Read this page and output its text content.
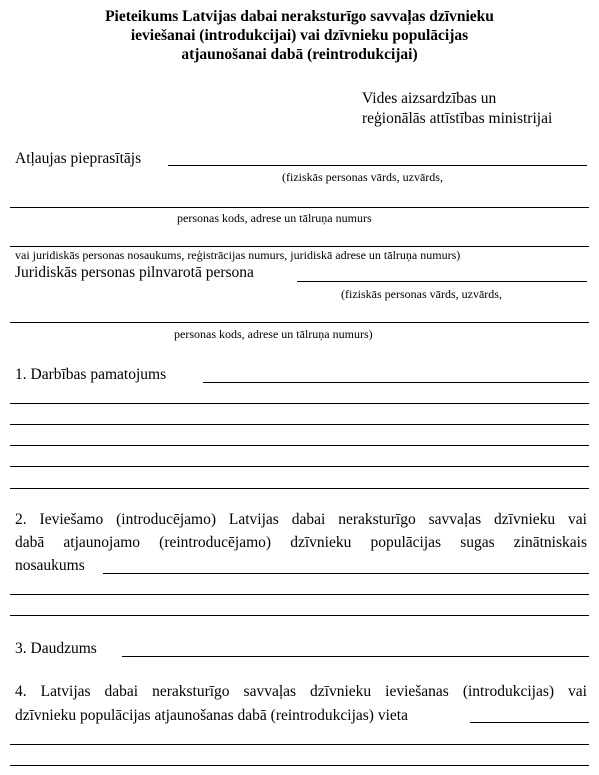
Pieteikums Latvijas dabai neraksturīgo savvaļas dzīvnieku
ieviešanai (introdukcijai) vai dzīvnieku populācijas
atjaunošanai dabā (reintrodukcijai)
Vides aizsardzības un
reģionālās attīstības ministrijai
Atļaujas pieprasītājs
(fiziskās personas vārds, uzvārds,
personas kods, adrese un tālruņa numurs
vai juridiskās personas nosaukums, reģistrācijas numurs, juridiskā adrese un tālruņa numurs)
Juridiskās personas pilnvarotā persona
(fiziskās personas vārds, uzvārds,
personas kods, adrese un tālruņa numurs)
1. Darbības pamatojums
2. Ieviešamo (introducējamo) Latvijas dabai neraksturīgo savvaļas dzīvnieku vai
dabā atjaunojamo (reintroducējamo) dzīvnieku populācijas sugas zinātniskais
nosaukums
3. Daudzums
4. Latvijas dabai neraksturīgo savvaļas dzīvnieku ieviešanas (introdukcijas) vai
dzīvnieku populācijas atjaunošanas dabā (reintrodukcijas) vieta
